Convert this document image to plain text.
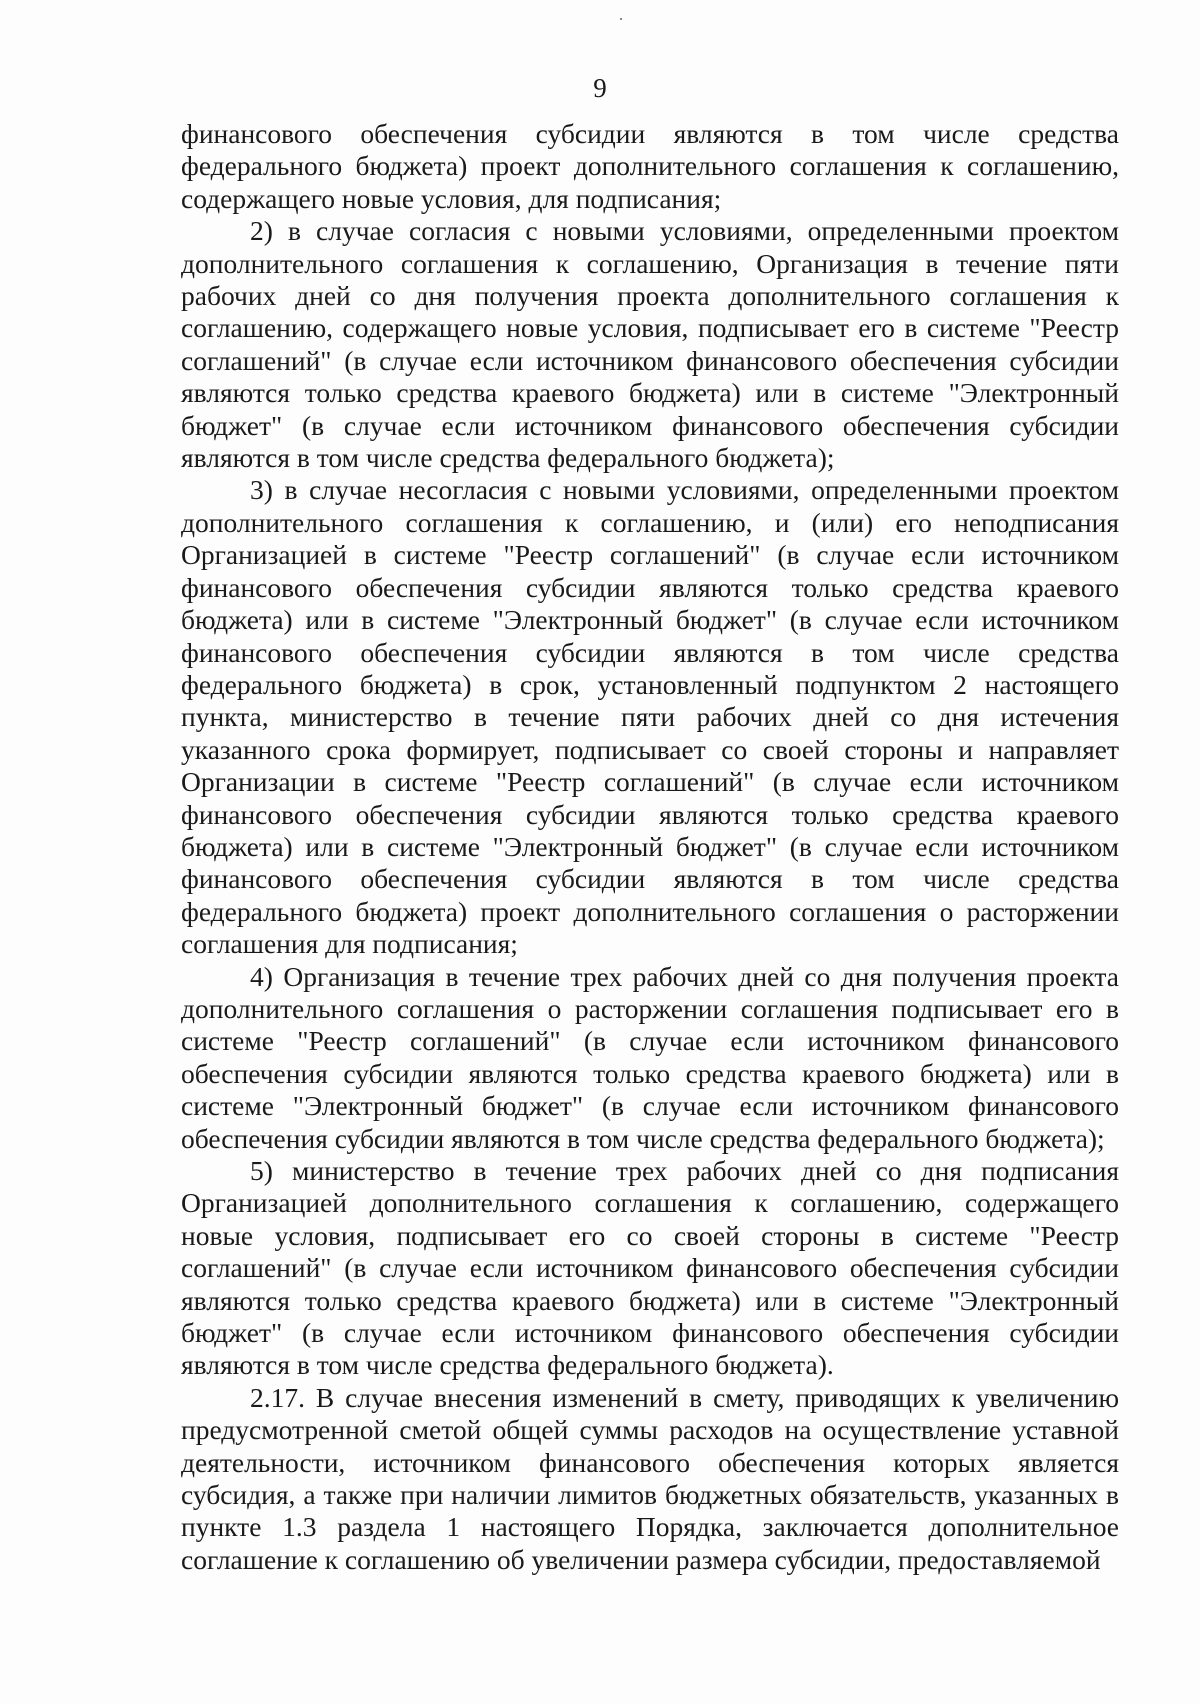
9

финансового обеспечения субсидии являются в том числе средства федерального бюджета) проект дополнительного соглашения к соглашению, содержащего новые условия, для подписания;

2) в случае согласия с новыми условиями, определенными проектом дополнительного соглашения к соглашению, Организация в течение пяти рабочих дней со дня получения проекта дополнительного соглашения к соглашению, содержащего новые условия, подписывает его в системе "Реестр соглашений" (в случае если источником финансового обеспечения субсидии являются только средства краевого бюджета) или в системе "Электронный бюджет" (в случае если источником финансового обеспечения субсидии являются в том числе средства федерального бюджета);

3) в случае несогласия с новыми условиями, определенными проектом дополнительного соглашения к соглашению, и (или) его неподписания Организацией в системе "Реестр соглашений" (в случае если источником финансового обеспечения субсидии являются только средства краевого бюджета) или в системе "Электронный бюджет" (в случае если источником финансового обеспечения субсидии являются в том числе средства федерального бюджета) в срок, установленный подпунктом 2 настоящего пункта, министерство в течение пяти рабочих дней со дня истечения указанного срока формирует, подписывает со своей стороны и направляет Организации в системе "Реестр соглашений" (в случае если источником финансового обеспечения субсидии являются только средства краевого бюджета) или в системе "Электронный бюджет" (в случае если источником финансового обеспечения субсидии являются в том числе средства федерального бюджета) проект дополнительного соглашения о расторжении соглашения для подписания;

4) Организация в течение трех рабочих дней со дня получения проекта дополнительного соглашения о расторжении соглашения подписывает его в системе "Реестр соглашений" (в случае если источником финансового обеспечения субсидии являются только средства краевого бюджета) или в системе "Электронный бюджет" (в случае если источником финансового обеспечения субсидии являются в том числе средства федерального бюджета);

5) министерство в течение трех рабочих дней со дня подписания Организацией дополнительного соглашения к соглашению, содержащего новые условия, подписывает его со своей стороны в системе "Реестр соглашений" (в случае если источником финансового обеспечения субсидии являются только средства краевого бюджета) или в системе "Электронный бюджет" (в случае если источником финансового обеспечения субсидии являются в том числе средства федерального бюджета).

2.17. В случае внесения изменений в смету, приводящих к увеличению предусмотренной сметой общей суммы расходов на осуществление уставной деятельности, источником финансового обеспечения которых является субсидия, а также при наличии лимитов бюджетных обязательств, указанных в пункте 1.3 раздела 1 настоящего Порядка, заключается дополнительное соглашение к соглашению об увеличении размера субсидии, предоставляемой
